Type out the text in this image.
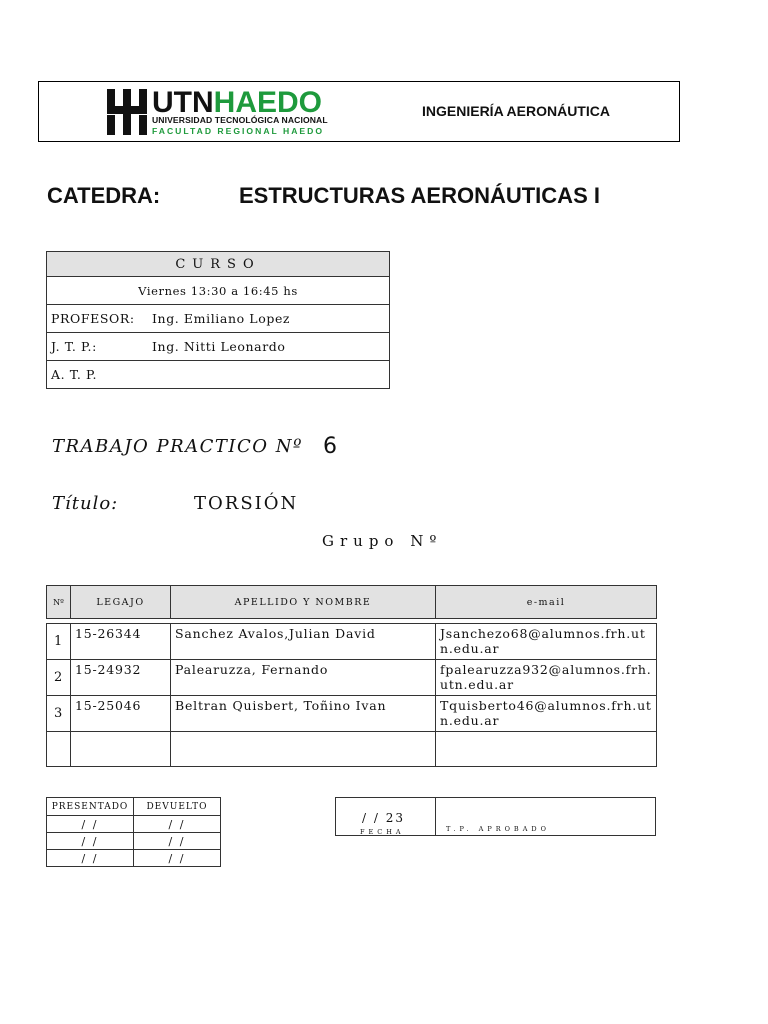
UTNHAEDO
UNIVERSIDAD TECNOLÓGICA NACIONAL
FACULTAD REGIONAL HAEDO
INGENIERÍA AERONÁUTICA
CATEDRA:	ESTRUCTURAS AERONÁUTICAS I
CURSO
Viernes 13:30 a 16:45 hs
PROFESOR: Ing. Emiliano Lopez
J. T. P.:	Ing. Nitti Leonardo
A. T. P.
TRABAJO PRACTICO Nº 6
Título:	TORSIÓN
Grupo Nº
Nº	LEGAJO	APELLIDO Y NOMBRE	e-mail

1	15-26344	Sanchez Avalos,Julian David	Jsanchezo68@alumnos.frh.utn.edu.ar
2	15-24932	Palearuzza, Fernando	fpalearuzza932@alumnos.frh.utn.edu.ar
3	15-25046	Beltran Quisbert, Toñino Ivan	Tquisberto46@alumnos.frh.utn.edu.ar

PRESENTADO	DEVUELTO
/ /	/ /
/ /	/ /
/ /	/ /
/ / 23
FECHA	T.P. APROBADO
